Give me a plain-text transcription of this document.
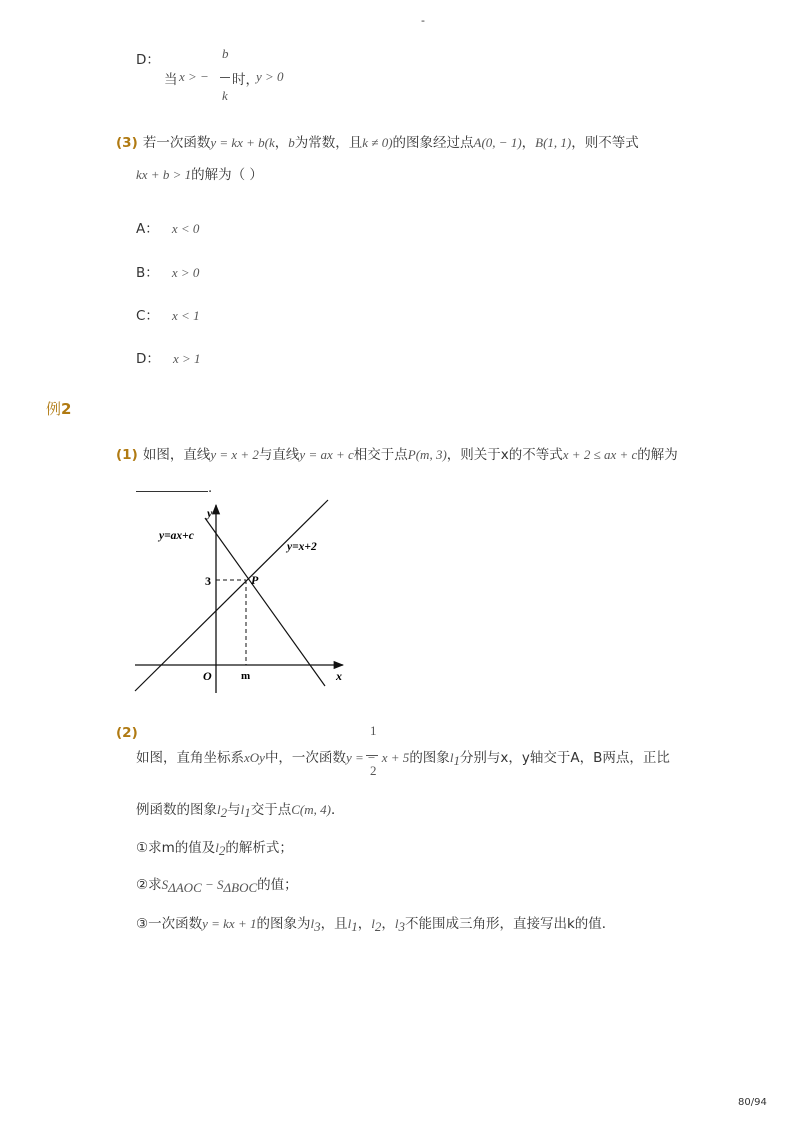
-
D：	b
当 x > − 时，
y > 0
k
(3) 若一次函数y = kx + b(k，b为常数，且k ≠ 0)的图象经过点A(0, − 1)，B(1, 1)，则不等式
kx + b > 1的解为（ ）
A： x < 0
B： x > 0
C： x < 1
D： x > 1
例2
(1) 如图，直线y = x + 2与直线y = ax + c相交于点P(m, 3)，则关于x的不等式x + 2 ≤ ax + c的解为
．
y
x
O	m
3	P
y=ax+c
y=x+2
(2)	1
2
如图，直角坐标系xOy中，一次函数y = − x + 5的图象$l_1$分别与x，y轴交于A，B两点，正比
例函数的图象$l_2$与$l_1$交于点C(m, 4)．
①求m的值及$l_2$的解析式；
②求$S_{\Delta AOC} - S_{\Delta BOC}$的值；
③一次函数y = kx + 1的图象为$l_3$，且$l_1$，$l_2$，$l_3$不能围成三角形，直接写出k的值．
80/94
